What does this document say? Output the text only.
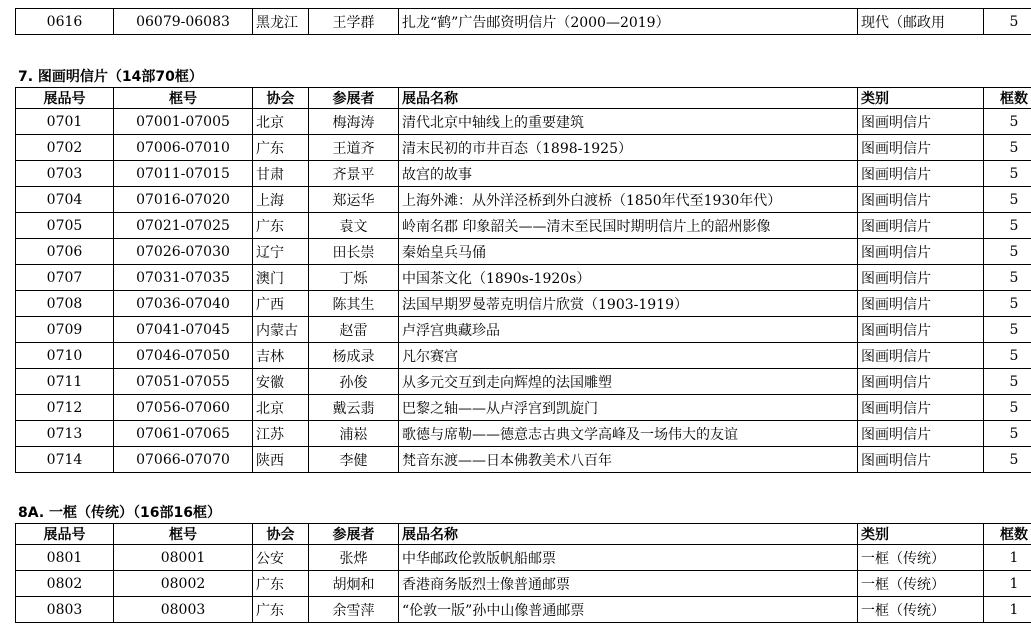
0616	06079-06083	黑龙江	王学群	扎龙“鹤”广告邮资明信片（2000—2019）	现代（邮政用	5
7. 图画明信片（14部70框）
展品号	框号	协会	参展者	展品名称	类别	框数
0701	07001-07005	北京	梅海涛	清代北京中轴线上的重要建筑	图画明信片	5
0702	07006-07010	广东	王道齐	清末民初的市井百态（1898-1925）	图画明信片	5
0703	07011-07015	甘肃	齐景平	故宫的故事	图画明信片	5
0704	07016-07020	上海	郑运华	上海外滩：从外洋泾桥到外白渡桥（1850年代至1930年代）	图画明信片	5
0705	07021-07025	广东	袁文	岭南名郡 印象韶关——清末至民国时期明信片上的韶州影像	图画明信片	5
0706	07026-07030	辽宁	田长崇	秦始皇兵马俑	图画明信片	5
0707	07031-07035	澳门	丁烁	中国茶文化（1890s-1920s）	图画明信片	5
0708	07036-07040	广西	陈其生	法国早期罗曼蒂克明信片欣赏（1903-1919）	图画明信片	5
0709	07041-07045	内蒙古	赵雷	卢浮宫典藏珍品	图画明信片	5
0710	07046-07050	吉林	杨成录	凡尔赛宫	图画明信片	5
0711	07051-07055	安徽	孙俊	从多元交互到走向辉煌的法国雕塑	图画明信片	5
0712	07056-07060	北京	戴云翡	巴黎之轴——从卢浮宫到凯旋门	图画明信片	5
0713	07061-07065	江苏	浦崧	歌德与席勒——德意志古典文学高峰及一场伟大的友谊	图画明信片	5
0714	07066-07070	陕西	李健	梵音东渡——日本佛教美术八百年	图画明信片	5
8A. 一框（传统）（16部16框）
展品号	框号	协会	参展者	展品名称	类别	框数
0801	08001	公安	张烨	中华邮政伦敦版帆船邮票	一框（传统）	1
0802	08002	广东	胡炯和	香港商务版烈士像普通邮票	一框（传统）	1
0803	08003	广东	余雪萍	“伦敦一版”孙中山像普通邮票	一框（传统）	1
